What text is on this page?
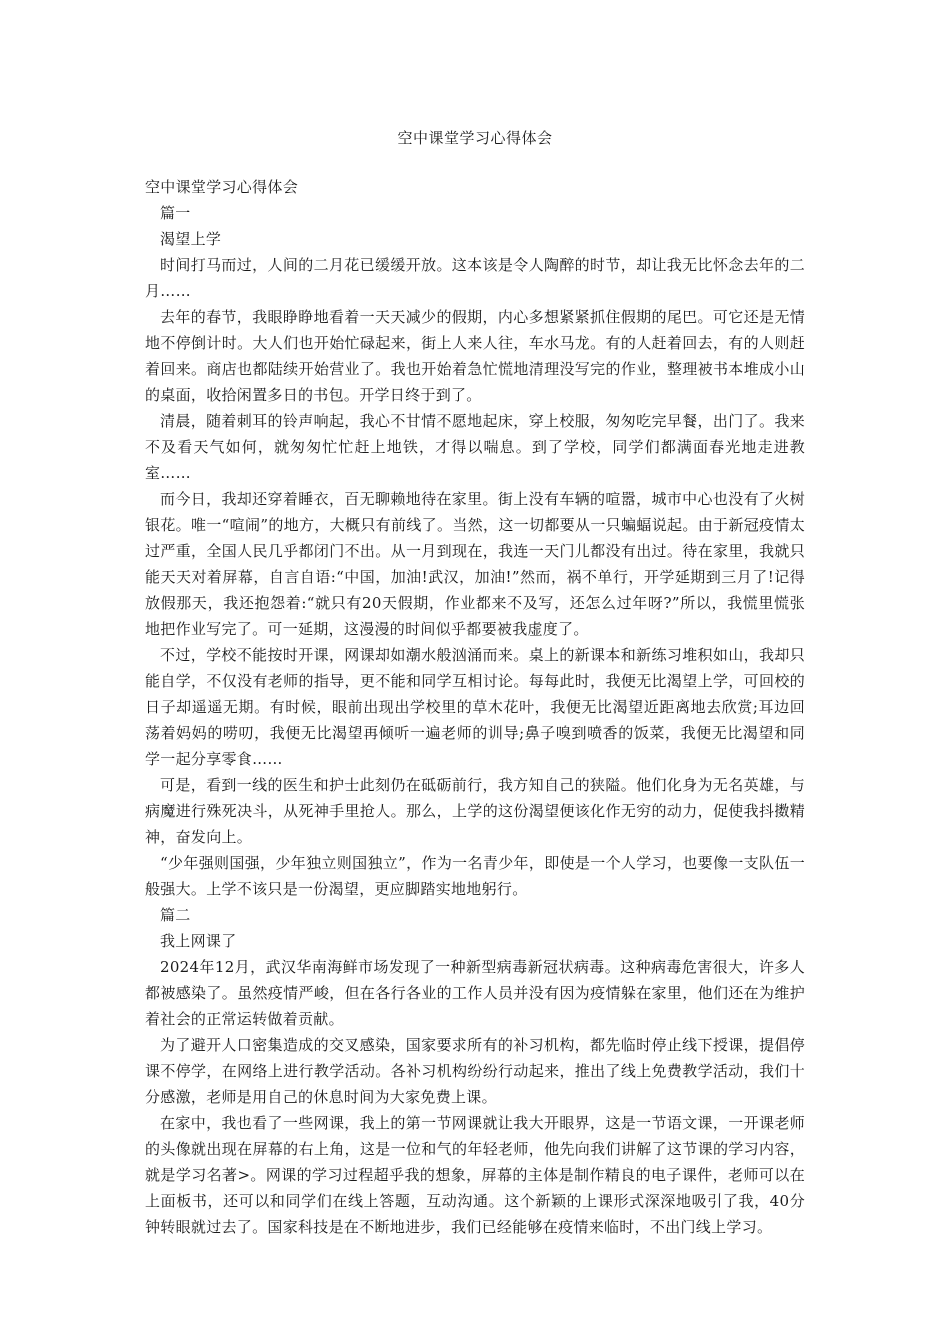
空中课堂学习心得体会

空中课堂学习心得体会

篇一

渴望上学

时间打马而过，人间的二月花已缓缓开放。这本该是令人陶醉的时节，却让我无比怀念去年的二月……

去年的春节，我眼睁睁地看着一天天减少的假期，内心多想紧紧抓住假期的尾巴。可它还是无情地不停倒计时。大人们也开始忙碌起来，街上人来人往，车水马龙。有的人赶着回去，有的人则赶着回来。商店也都陆续开始营业了。我也开始着急忙慌地清理没写完的作业，整理被书本堆成小山的桌面，收拾闲置多日的书包。开学日终于到了。

清晨，随着刺耳的铃声响起，我心不甘情不愿地起床，穿上校服，匆匆吃完早餐，出门了。我来不及看天气如何，就匆匆忙忙赶上地铁，才得以喘息。到了学校，同学们都满面春光地走进教室……

而今日，我却还穿着睡衣，百无聊赖地待在家里。街上没有车辆的喧嚣，城市中心也没有了火树银花。唯一“喧闹”的地方，大概只有前线了。当然，这一切都要从一只蝙蝠说起。由于新冠疫情太过严重，全国人民几乎都闭门不出。从一月到现在，我连一天门儿都没有出过。待在家里，我就只能天天对着屏幕，自言自语:“中国，加油!武汉，加油!”然而，祸不单行，开学延期到三月了!记得放假那天，我还抱怨着:“就只有20天假期，作业都来不及写，还怎么过年呀?”所以，我慌里慌张地把作业写完了。可一延期，这漫漫的时间似乎都要被我虚度了。

不过，学校不能按时开课，网课却如潮水般汹涌而来。桌上的新课本和新练习堆积如山，我却只能自学，不仅没有老师的指导，更不能和同学互相讨论。每每此时，我便无比渴望上学，可回校的日子却遥遥无期。有时候，眼前出现出学校里的草木花叶，我便无比渴望近距离地去欣赏;耳边回荡着妈妈的唠叨，我便无比渴望再倾听一遍老师的训导;鼻子嗅到喷香的饭菜，我便无比渴望和同学一起分享零食……

可是，看到一线的医生和护士此刻仍在砥砺前行，我方知自己的狭隘。他们化身为无名英雄，与病魔进行殊死决斗，从死神手里抢人。那么，上学的这份渴望便该化作无穷的动力，促使我抖擞精神，奋发向上。

“少年强则国强，少年独立则国独立”，作为一名青少年，即使是一个人学习，也要像一支队伍一般强大。上学不该只是一份渴望，更应脚踏实地地躬行。

篇二

我上网课了

2024年12月，武汉华南海鲜市场发现了一种新型病毒新冠状病毒。这种病毒危害很大，许多人都被感染了。虽然疫情严峻，但在各行各业的工作人员并没有因为疫情躲在家里，他们还在为维护着社会的正常运转做着贡献。

为了避开人口密集造成的交叉感染，国家要求所有的补习机构，都先临时停止线下授课，提倡停课不停学，在网络上进行教学活动。各补习机构纷纷行动起来，推出了线上免费教学活动，我们十分感激，老师是用自己的休息时间为大家免费上课。

在家中，我也看了一些网课，我上的第一节网课就让我大开眼界，这是一节语文课，一开课老师的头像就出现在屏幕的右上角，这是一位和气的年轻老师，他先向我们讲解了这节课的学习内容，就是学习名著>。网课的学习过程超乎我的想象，屏幕的主体是制作精良的电子课件，老师可以在上面板书，还可以和同学们在线上答题，互动沟通。这个新颖的上课形式深深地吸引了我，40分钟转眼就过去了。国家科技是在不断地进步，我们已经能够在疫情来临时，不出门线上学习。
